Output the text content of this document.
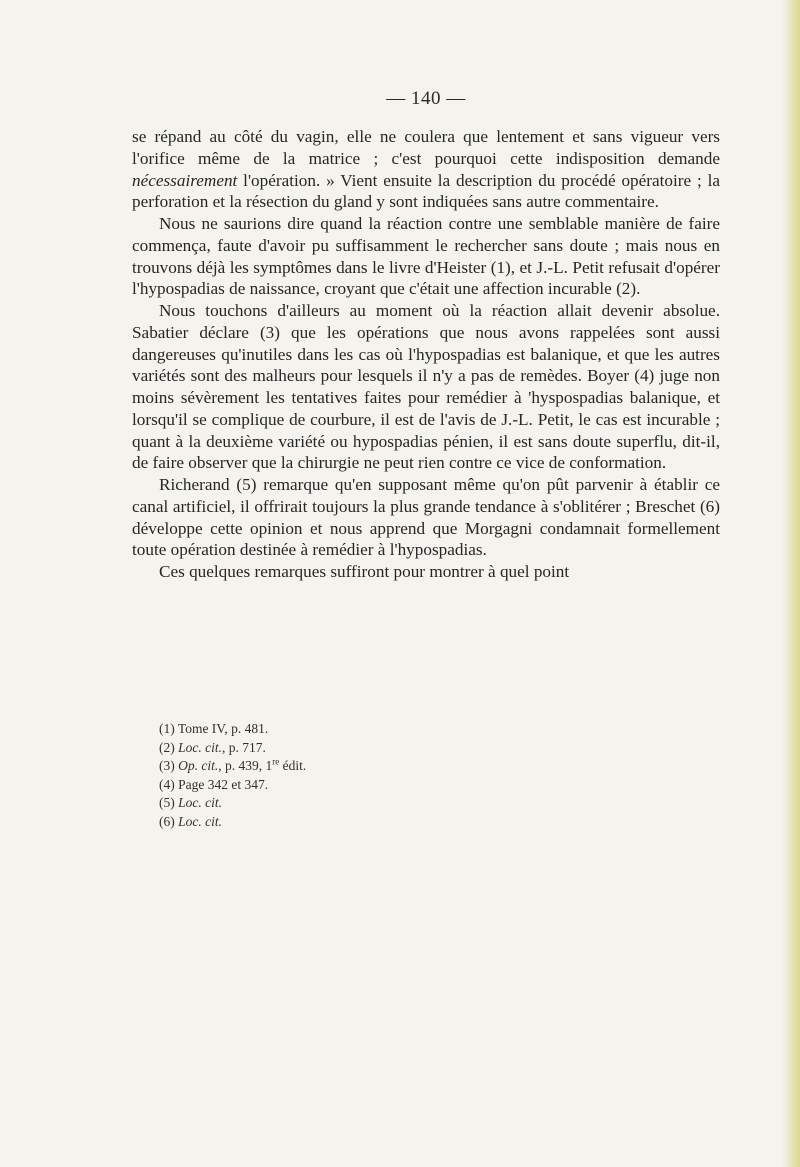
— 140 —

se répand au côté du vagin, elle ne coulera que lentement et sans vigueur vers l'orifice même de la matrice ; c'est pourquoi cette indisposition demande nécessairement l'opération. » Vient ensuite la description du procédé opératoire ; la perforation et la résection du gland y sont indiquées sans autre commentaire.

Nous ne saurions dire quand la réaction contre une semblable manière de faire commença, faute d'avoir pu suffisamment le rechercher sans doute ; mais nous en trouvons déjà les symptômes dans le livre d'Heister (1), et J.-L. Petit refusait d'opérer l'hypospadias de naissance, croyant que c'était une affection incurable (2).

Nous touchons d'ailleurs au moment où la réaction allait devenir absolue. Sabatier déclare (3) que les opérations que nous avons rappelées sont aussi dangereuses qu'inutiles dans les cas où l'hypospadias est balanique, et que les autres variétés sont des malheurs pour lesquels il n'y a pas de remèdes. Boyer (4) juge non moins sévèrement les tentatives faites pour remédier à 'hyspospadias balanique, et lorsqu'il se complique de courbure, il est de l'avis de J.-L. Petit, le cas est incurable ; quant à la deuxième variété ou hypospadias pénien, il est sans doute superflu, dit-il, de faire observer que la chirurgie ne peut rien contre ce vice de conformation.

Richerand (5) remarque qu'en supposant même qu'on pût parvenir à établir ce canal artificiel, il offrirait toujours la plus grande tendance à s'oblitérer ; Breschet (6) développe cette opinion et nous apprend que Morgagni condamnait formellement toute opération destinée à remédier à l'hypospadias.

Ces quelques remarques suffiront pour montrer à quel point

(1) Tome IV, p. 481.
(2) Loc. cit., p. 717.
(3) Op. cit., p. 439, 1re édit.
(4) Page 342 et 347.
(5) Loc. cit.
(6) Loc. cit.
